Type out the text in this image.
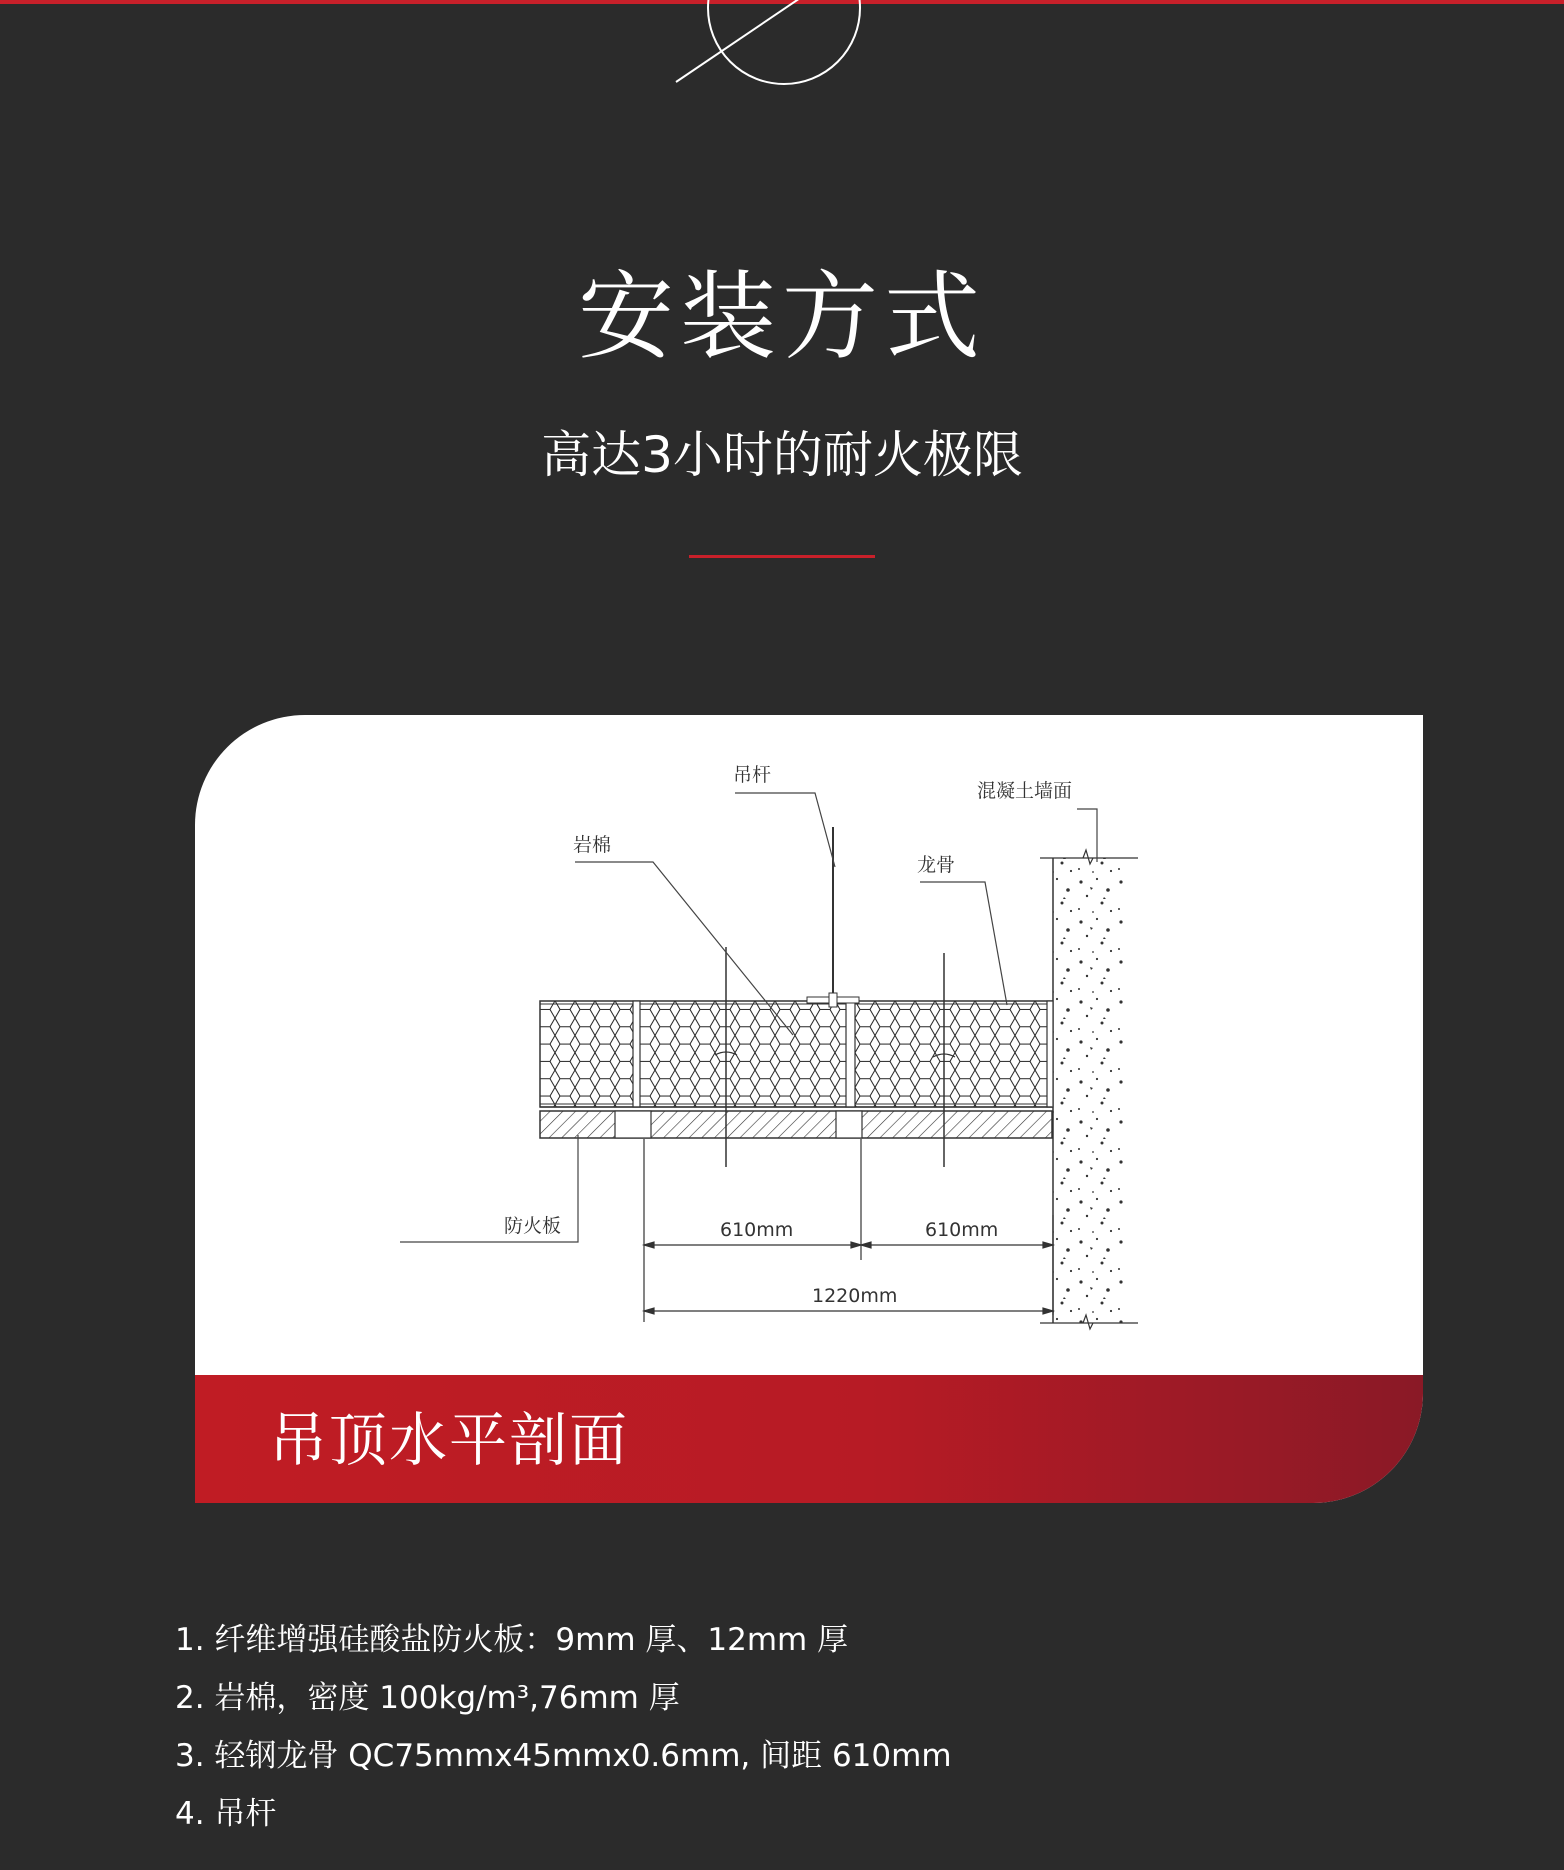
安装方式
高达3小时的耐火极限
吊杆
混凝土墙面
岩棉
龙骨
防火板	610mm	610mm
1220mm
吊顶水平剖面
1. 纤维增强硅酸盐防火板：9mm 厚、12mm 厚
2. 岩棉，密度 100kg/m³,76mm 厚
3. 轻钢龙骨 QC75mmx45mmx0.6mm, 间距 610mm
4. 吊杆
